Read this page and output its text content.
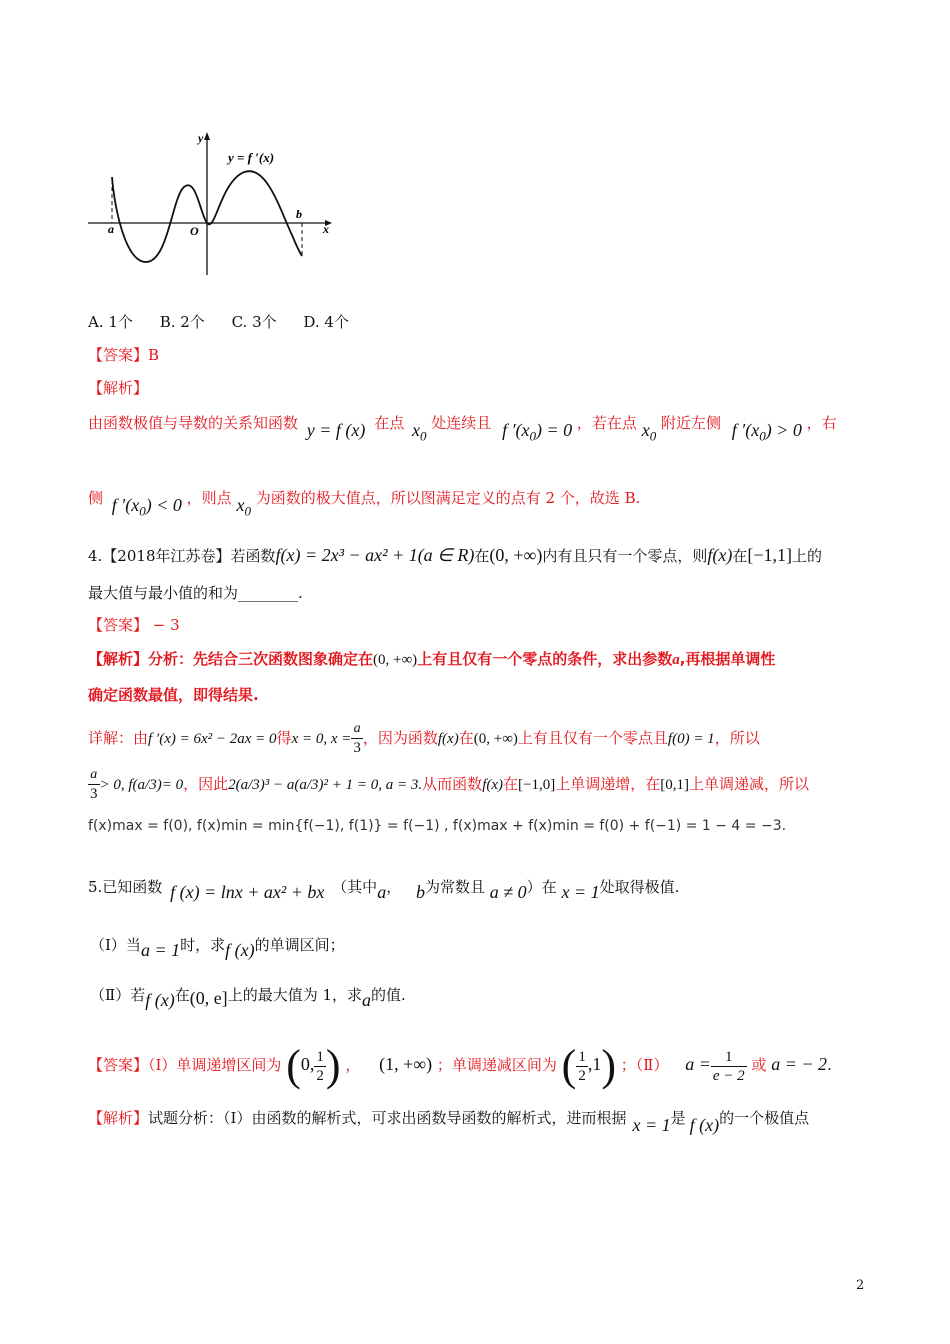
y = f ′(x)
y
x
O
a
b
A. 1个 B. 2个 C. 3个 D. 4个
【答案】B
【解析】
由函数极值与导数的关系知函数 y = f (x) 在点 $x_0$ 处连续且 f $'(x_0) = 0$ ，若在点 $x_0$ 附近左侧 f $'(x_0) > 0$ ，右
侧 f $'(x_0) < 0$ ，则点 $x_0$ 为函数的极大值点，所以图满足定义的点有 2 个，故选 B.
4.【2018年江苏卷】若函数f(x) = 2x³ − ax² + 1(a ∈ R)在(0, +∞)内有且只有一个零点，则f(x)在[−1,1]上的
最大值与最小值的和为________.
【答案】 − 3
【解析】分析：先结合三次函数图象确定在(0, +∞)上有且仅有一个零点的条件，求出参数a,再根据单调性
确定函数最值，即得结果.
详解：由f ′(x) = 6x² − 2ax = 0得x = 0, $x = \frac{a}{3}$ ，因为函数f(x)在(0, +∞)上有且仅有一个零点且f(0) = 1，所以
$\frac{a}{3} > 0$, f(a/3)= 0，因此2(a/3)³ − a(a/3)² + 1 = 0, a = 3.从而函数f(x)在[−1,0]上单调递增，在[0,1]上单调递减，所以
f(x)max = f(0), f(x)min = min{f(−1), f(1)} = f(−1) , f(x)max + f(x)min = f(0) + f(−1) = 1 − 4 = −3.
5.已知函数 f (x) = lnx + ax² + bx （其中a， b为常数且 a ≠ 0）在 x = 1处取得极值.
（Ⅰ）当a = 1时，求f (x)的单调区间；
（Ⅱ）若f (x)在(0, e]上的最大值为 1，求a的值.
【答案】（Ⅰ）单调递增区间为 (0, $\frac{1}{2}$ ) ， (1, +∞) ；单调递减区间为 ( $\frac{1}{2} ,1$) ；（Ⅱ） $a = \frac{1}{e - 2}$ 或 a = − 2.
【解析】试题分析：（Ⅰ）由函数的解析式，可求出函数导函数的解析式，进而根据 x = 1是 f (x)的一个极值点
2
